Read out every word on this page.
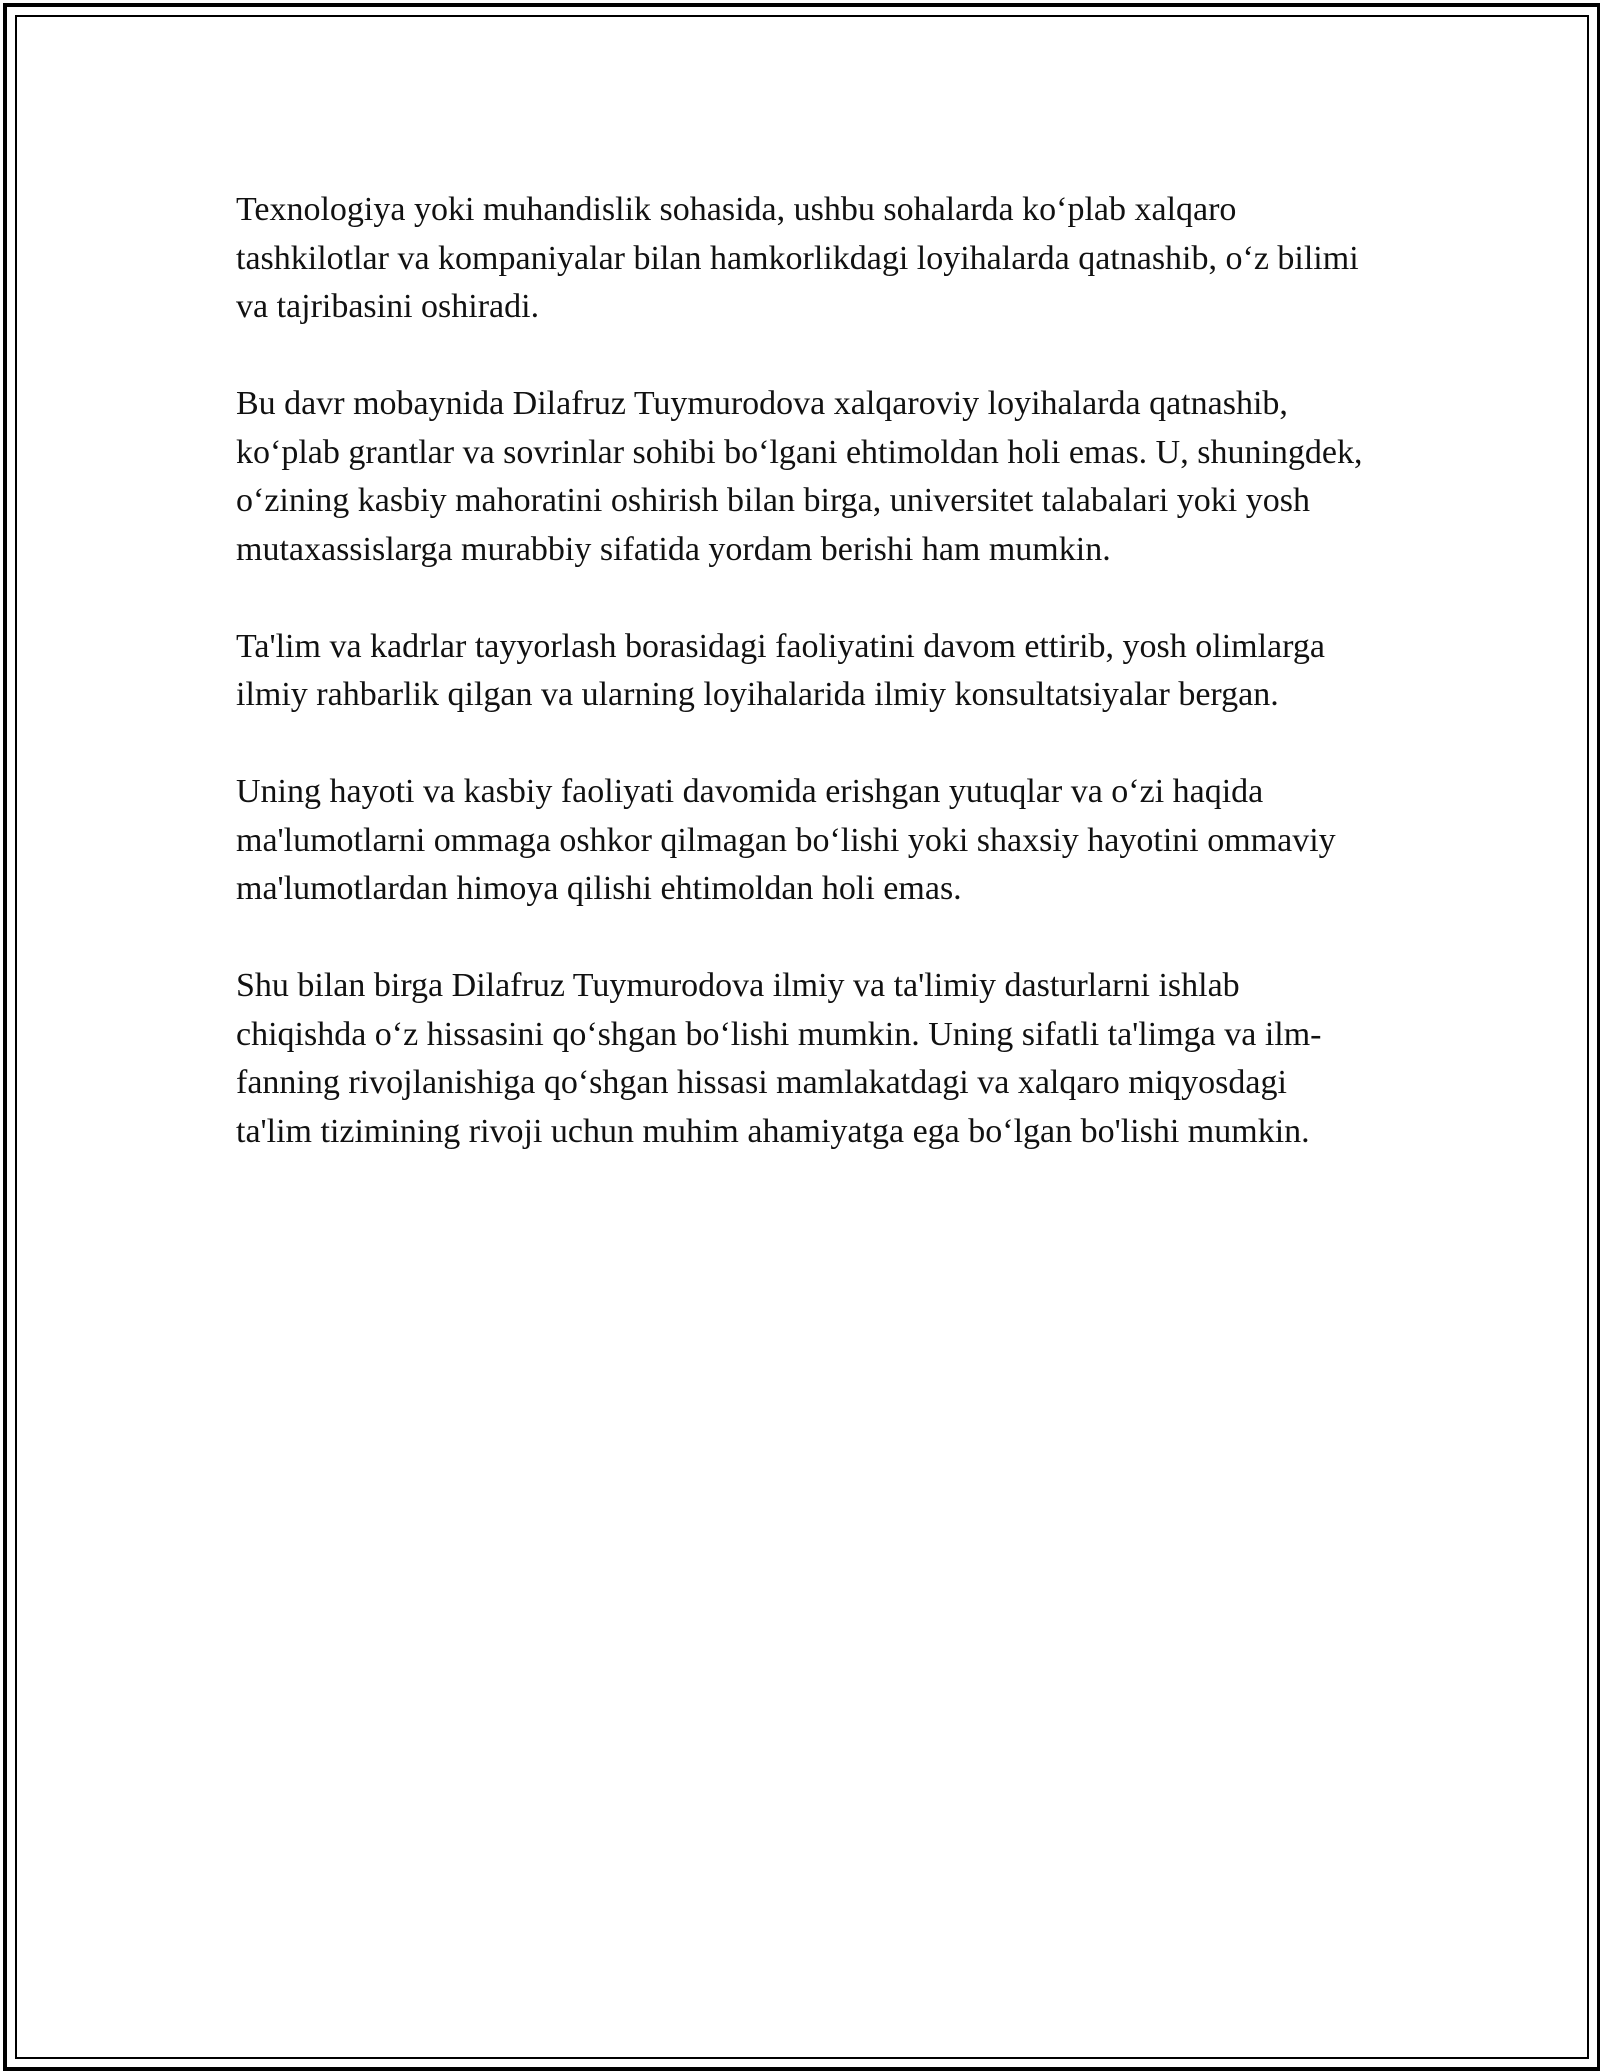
Texnologiya yoki muhandislik sohasida, ushbu sohalarda ko‘plab xalqaro tashkilotlar va kompaniyalar bilan hamkorlikdagi loyihalarda qatnashib, o‘z bilimi va tajribasini oshiradi.

Bu davr mobaynida Dilafruz Tuymurodova xalqaroviy loyihalarda qatnashib, ko‘plab grantlar va sovrinlar sohibi bo‘lgani ehtimoldan holi emas. U, shuningdek, o‘zining kasbiy mahoratini oshirish bilan birga, universitet talabalari yoki yosh mutaxassislarga murabbiy sifatida yordam berishi ham mumkin.

Ta'lim va kadrlar tayyorlash borasidagi faoliyatini davom ettirib, yosh olimlarga ilmiy rahbarlik qilgan va ularning loyihalarida ilmiy konsultatsiyalar bergan.

Uning hayoti va kasbiy faoliyati davomida erishgan yutuqlar va o‘zi haqida ma'lumotlarni ommaga oshkor qilmagan bo‘lishi yoki shaxsiy hayotini ommaviy ma'lumotlardan himoya qilishi ehtimoldan holi emas.

Shu bilan birga Dilafruz Tuymurodova ilmiy va ta'limiy dasturlarni ishlab chiqishda o‘z hissasini qo‘shgan bo‘lishi mumkin. Uning sifatli ta'limga va ilm-fanning rivojlanishiga qo‘shgan hissasi mamlakatdagi va xalqaro miqyosdagi ta'lim tizimining rivoji uchun muhim ahamiyatga ega bo‘lgan bo'lishi mumkin.
